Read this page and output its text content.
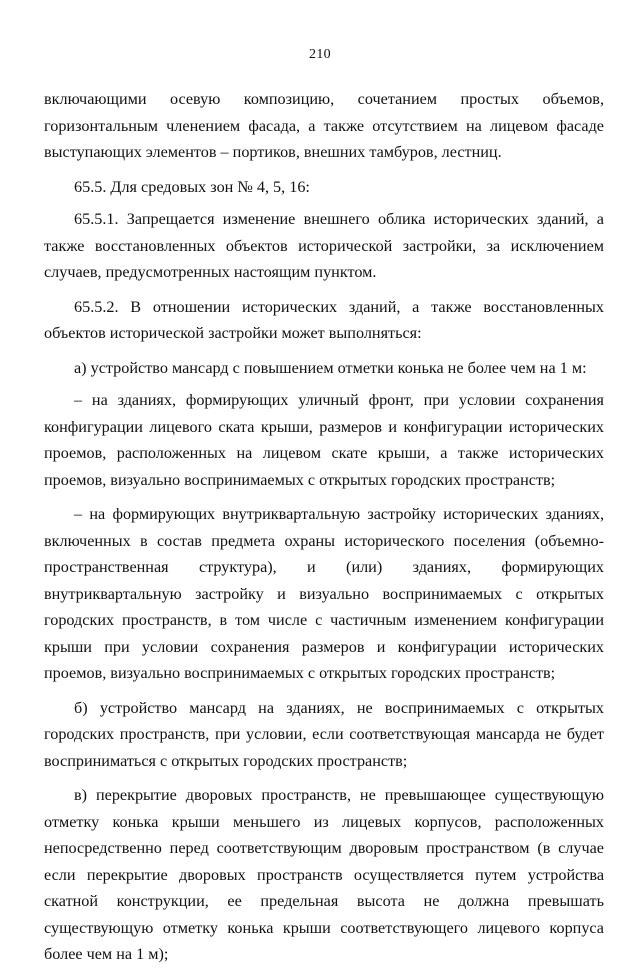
210

включающими осевую композицию, сочетанием простых объемов, горизонтальным членением фасада, а также отсутствием на лицевом фасаде выступающих элементов – портиков, внешних тамбуров, лестниц.

65.5. Для средовых зон № 4, 5, 16:

65.5.1. Запрещается изменение внешнего облика исторических зданий, а также восстановленных объектов исторической застройки, за исключением случаев, предусмотренных настоящим пунктом.

65.5.2. В отношении исторических зданий, а также восстановленных объектов исторической застройки может выполняться:

а) устройство мансард с повышением отметки конька не более чем на 1 м:

– на зданиях, формирующих уличный фронт, при условии сохранения конфигурации лицевого ската крыши, размеров и конфигурации исторических проемов, расположенных на лицевом скате крыши, а также исторических проемов, визуально воспринимаемых с открытых городских пространств;

– на формирующих внутриквартальную застройку исторических зданиях, включенных в состав предмета охраны исторического поселения (объемно-пространственная структура), и (или) зданиях, формирующих внутриквартальную застройку и визуально воспринимаемых с открытых городских пространств, в том числе с частичным изменением конфигурации крыши при условии сохранения размеров и конфигурации исторических проемов, визуально воспринимаемых с открытых городских пространств;

б) устройство мансард на зданиях, не воспринимаемых с открытых городских пространств, при условии, если соответствующая мансарда не будет восприниматься с открытых городских пространств;

в) перекрытие дворовых пространств, не превышающее существующую отметку конька крыши меньшего из лицевых корпусов, расположенных непосредственно перед соответствующим дворовым пространством (в случае если перекрытие дворовых пространств осуществляется путем устройства скатной конструкции, ее предельная высота не должна превышать существующую отметку конька крыши соответствующего лицевого корпуса более чем на 1 м);
